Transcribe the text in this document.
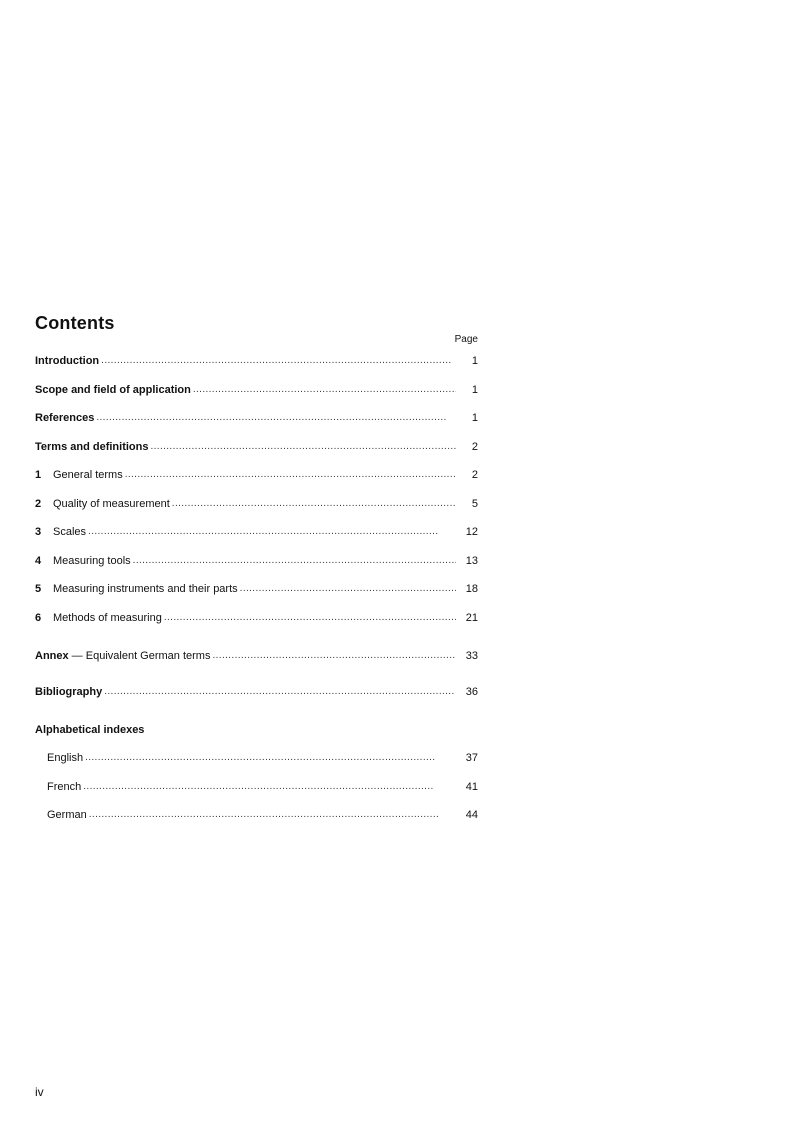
Contents
Page
Introduction . . .	1
Scope and field of application . . .	1
References . . .	1
Terms and definitions . . .	2
1	General terms . . .	2
2	Quality of measurement . . .	5
3	Scales . . .	12
4	Measuring tools . . .	13
5	Measuring instruments and their parts . . .	18
6	Methods of measuring . . .	21
Annex — Equivalent German terms . . .	33
Bibliography . . .	36
Alphabetical indexes
English . . .	37
French . . .	41
German . . .	44
iv
